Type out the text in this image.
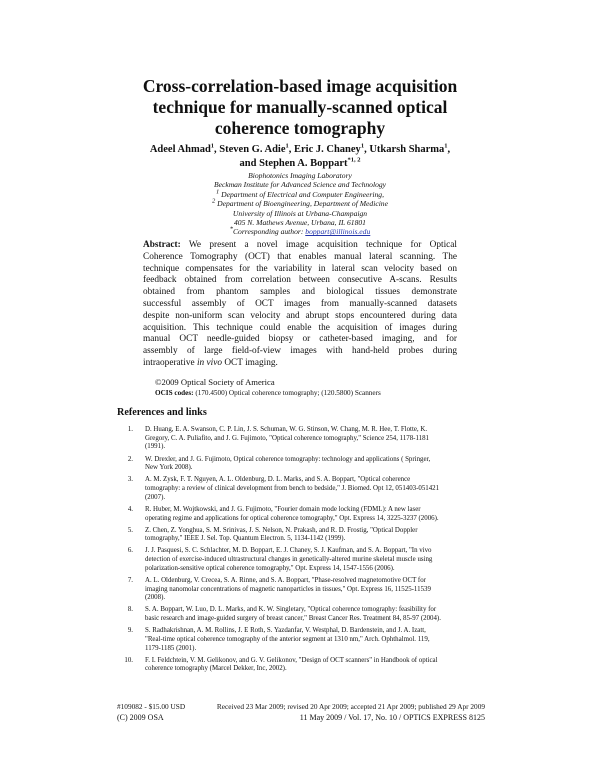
Cross-correlation-based image acquisition
technique for manually-scanned optical
coherence tomography
Adeel Ahmad$^1$, Steven G. Adie$^1$, Eric J. Chaney$^1$, Utkarsh Sharma$^1$,
and Stephen A. Boppart$^{*1, 2}$
Biophotonics Imaging Laboratory
Beckman Institute for Advanced Science and Technology
$^1$ Department of Electrical and Computer Engineering,
$^2$ Department of Bioengineering, Department of Medicine
University of Illinois at Urbana-Champaign
405 N. Mathews Avenue, Urbana, IL 61801
*Corresponding author: boppart@illinois.edu
Abstract: We present a novel image acquisition technique for Optical
Coherence Tomography (OCT) that enables manual lateral scanning. The
technique compensates for the variability in lateral scan velocity based on
feedback obtained from correlation between consecutive A-scans. Results
obtained from phantom samples and biological tissues demonstrate
successful assembly of OCT images from manually-scanned datasets
despite non-uniform scan velocity and abrupt stops encountered during data
acquisition. This technique could enable the acquisition of images during
manual OCT needle-guided biopsy or catheter-based imaging, and for
assembly of large field-of-view images with hand-held probes during
intraoperative in vivo OCT imaging.
©2009 Optical Society of America
OCIS codes: (170.4500) Optical coherence tomography; (120.5800) Scanners
References and links
1. D. Huang, E. A. Swanson, C. P. Lin, J. S. Schuman, W. G. Stinson, W. Chang, M. R. Hee, T. Flotte, K.
Gregory, C. A. Puliafito, and J. G. Fujimoto, "Optical coherence tomography," Science 254, 1178-1181
(1991).
2. W. Drexler, and J. G. Fujimoto, Optical coherence tomography: technology and applications ( Springer,
New York 2008).
3. A. M. Zysk, F. T. Nguyen, A. L. Oldenburg, D. L. Marks, and S. A. Boppart, "Optical coherence
tomography: a review of clinical development from bench to bedside," J. Biomed. Opt 12, 051403-051421
(2007).
4. R. Huber, M. Wojtkowski, and J. G. Fujimoto, "Fourier domain mode locking (FDML): A new laser
operating regime and applications for optical coherence tomography," Opt. Express 14, 3225-3237 (2006).
5. Z. Chen, Z. Yonghua, S. M. Srinivas, J. S. Nelson, N. Prakash, and R. D. Frostig, "Optical Doppler
tomography," IEEE J. Sel. Top. Quantum Electron. 5, 1134-1142 (1999).
6. J. J. Pasquesi, S. C. Schlachter, M. D. Boppart, E. J. Chaney, S. J. Kaufman, and S. A. Boppart, "In vivo
detection of exercise-induced ultrastructural changes in genetically-altered murine skeletal muscle using
polarization-sensitive optical coherence tomography," Opt. Express 14, 1547-1556 (2006).
7. A. L. Oldenburg, V. Crecea, S. A. Rinne, and S. A. Boppart, "Phase-resolved magnetomotive OCT for
imaging nanomolar concentrations of magnetic nanoparticles in tissues," Opt. Express 16, 11525-11539
(2008).
8. S. A. Boppart, W. Luo, D. L. Marks, and K. W. Singletary, "Optical coherence tomography: feasibility for
basic research and image-guided surgery of breast cancer," Breast Cancer Res. Treatment 84, 85-97 (2004).
9. S. Radhakrishnan, A. M. Rollins, J. E Roth, S. Yazdanfar, V. Westphal, D. Bardenstein, and J. A. Izatt,
"Real-time optical coherence tomography of the anterior segment at 1310 nm," Arch. Ophthalmol. 119,
1179-1185 (2001).
10. F. I. Feldchtein, V. M. Gelikonov, and G. V. Gelikonov, "Design of OCT scanners" in Handbook of optical
coherence tomography (Marcel Dekker, Inc, 2002).
#109082 - $15.00 USD	Received 23 Mar 2009; revised 20 Apr 2009; accepted 21 Apr 2009; published 29 Apr 2009
(C) 2009 OSA	11 May 2009 / Vol. 17, No. 10 / OPTICS EXPRESS 8125
